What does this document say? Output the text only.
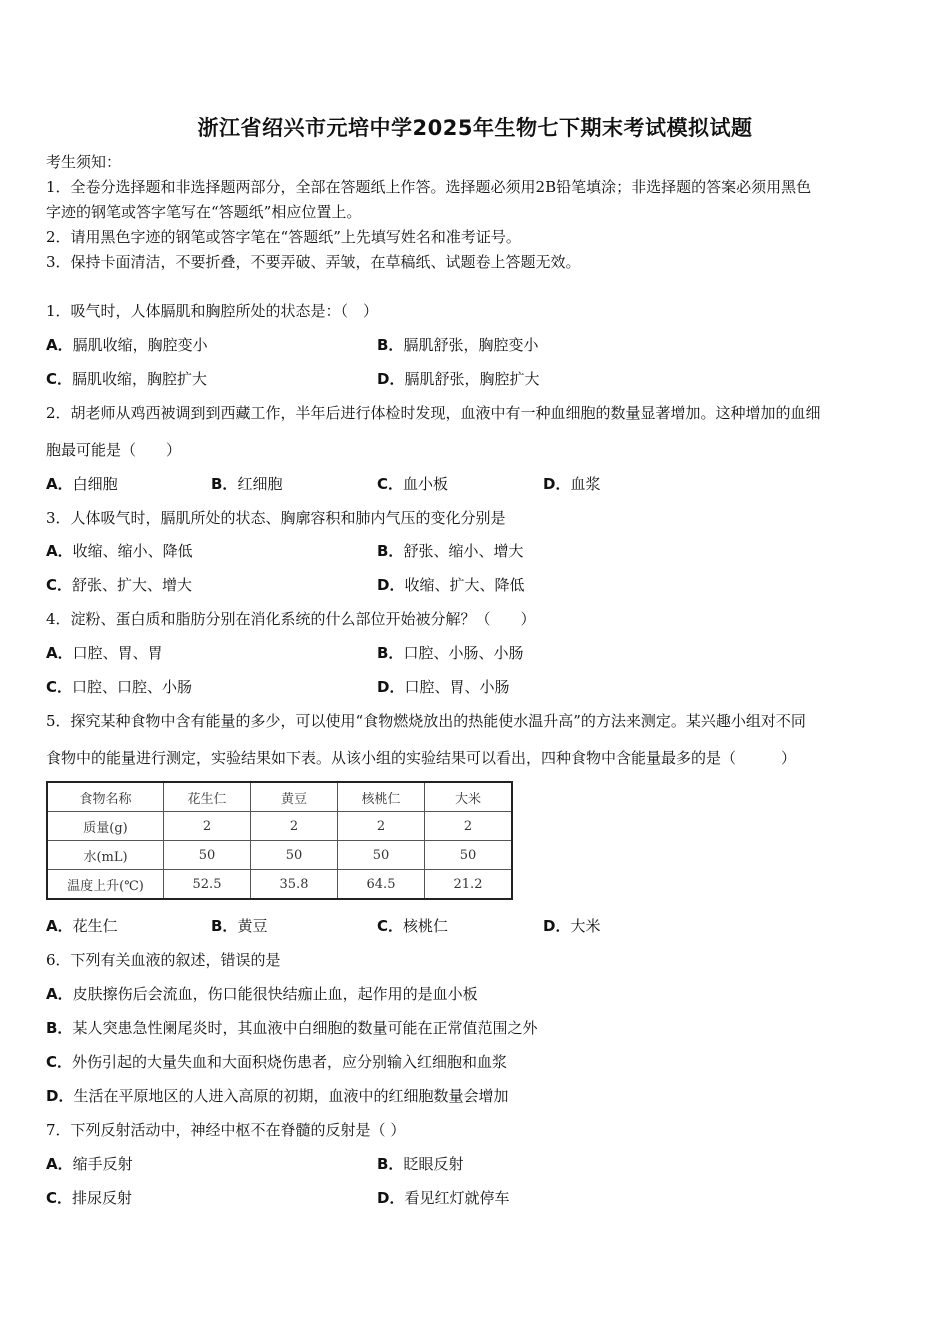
浙江省绍兴市元培中学2025年生物七下期末考试模拟试题
考生须知：
1．全卷分选择题和非选择题两部分，全部在答题纸上作答。选择题必须用2B铅笔填涂；非选择题的答案必须用黑色
字迹的钢笔或答字笔写在“答题纸”相应位置上。
2．请用黑色字迹的钢笔或答字笔在“答题纸”上先填写姓名和准考证号。
3．保持卡面清洁，不要折叠，不要弄破、弄皱，在草稿纸、试题卷上答题无效。
1．吸气时，人体膈肌和胸腔所处的状态是：（　）
A．膈肌收缩，胸腔变小	B．膈肌舒张，胸腔变小
C．膈肌收缩，胸腔扩大	D．膈肌舒张，胸腔扩大
2．胡老师从鸡西被调到到西藏工作，半年后进行体检时发现，血液中有一种血细胞的数量显著增加。这种增加的血细
胞最可能是（　　）
A．白细胞	B．红细胞	C．血小板	D．血浆
3．人体吸气时，膈肌所处的状态、胸廓容积和肺内气压的变化分别是
A．收缩、缩小、降低	B．舒张、缩小、增大
C．舒张、扩大、增大	D．收缩、扩大、降低
4．淀粉、蛋白质和脂肪分别在消化系统的什么部位开始被分解？（　　）
A．口腔、胃、胃	B．口腔、小肠、小肠
C．口腔、口腔、小肠	D．口腔、胃、小肠
5．探究某种食物中含有能量的多少，可以使用“食物燃烧放出的热能使水温升高”的方法来测定。某兴趣小组对不同
食物中的能量进行测定，实验结果如下表。从该小组的实验结果可以看出，四种食物中含能量最多的是（　　　）
食物名称	花生仁	黄豆	核桃仁	大米
质量(g)	2	2	2	2
水(mL)	50	50	50	50
温度上升(℃)	52.5	35.8	64.5	21.2
A．花生仁	B．黄豆	C．核桃仁	D．大米
6．下列有关血液的叙述，错误的是
A．皮肤擦伤后会流血，伤口能很快结痂止血，起作用的是血小板
B．某人突患急性阑尾炎时，其血液中白细胞的数量可能在正常值范围之外
C．外伤引起的大量失血和大面积烧伤患者，应分别输入红细胞和血浆
D．生活在平原地区的人进入高原的初期，血液中的红细胞数量会增加
7．下列反射活动中，神经中枢不在脊髓的反射是（ ）
A．缩手反射	B．眨眼反射
C．排尿反射	D．看见红灯就停车
